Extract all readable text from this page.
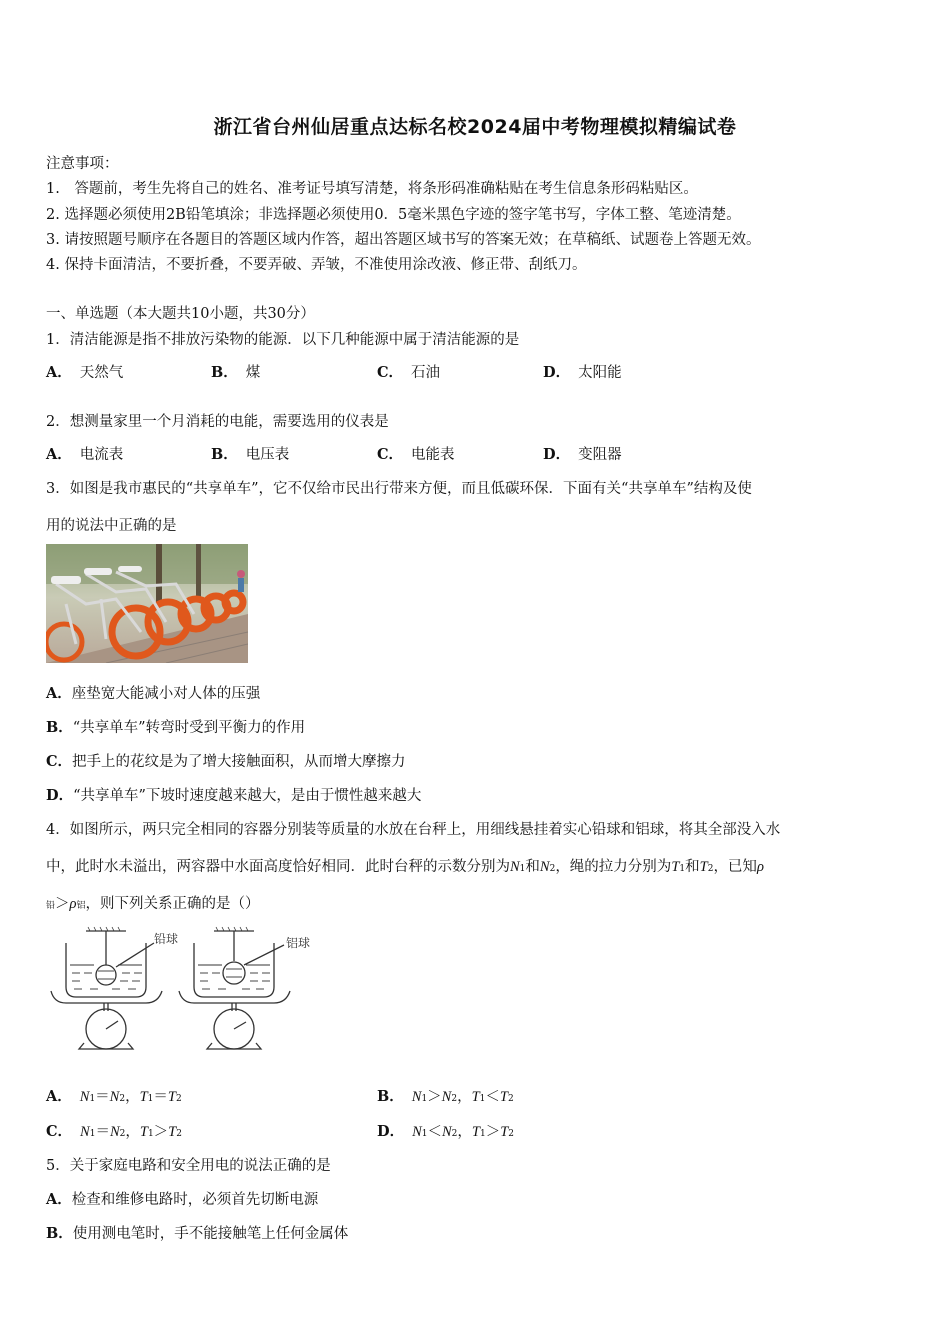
浙江省台州仙居重点达标名校2024届中考物理模拟精编试卷
注意事项：
1.　答题前，考生先将自己的姓名、准考证号填写清楚，将条形码准确粘贴在考生信息条形码粘贴区。
2. 选择题必须使用2B铅笔填涂；非选择题必须使用0．5毫米黑色字迹的签字笔书写，字体工整、笔迹清楚。
3. 请按照题号顺序在各题目的答题区域内作答，超出答题区域书写的答案无效；在草稿纸、试题卷上答题无效。
4. 保持卡面清洁，不要折叠，不要弄破、弄皱，不准使用涂改液、修正带、刮纸刀。
一、单选题（本大题共10小题，共30分）
1．清洁能源是指不排放污染物的能源．以下几种能源中属于清洁能源的是
A． 天然气	B． 煤	C． 石油	D． 太阳能
2．想测量家里一个月消耗的电能，需要选用的仪表是
A． 电流表	B． 电压表	C． 电能表	D． 变阻器
3．如图是我市惠民的“共享单车”，它不仅给市民出行带来方便，而且低碳环保．下面有关“共享单车”结构及使
用的说法中正确的是
A．座垫宽大能减小对人体的压强
B．“共享单车”转弯时受到平衡力的作用
C．把手上的花纹是为了增大接触面积，从而增大摩擦力
D．“共享单车”下坡时速度越来越大，是由于惯性越来越大
4．如图所示，两只完全相同的容器分别装等质量的水放在台秤上，用细线悬挂着实心铅球和铝球，将其全部没入水
中，此时水未溢出，两容器中水面高度恰好相同．此时台秤的示数分别为N1和N2，绳的拉力分别为T1和T2，已知ρ
铅＞ρ铝，则下列关系正确的是（）
铅球	铝球
A． N1＝N2，T1＝T2	B． N1＞N2，T1＜T2
C． N1＝N2，T1＞T2	D． N1＜N2，T1＞T2
5．关于家庭电路和安全用电的说法正确的是
A．检查和维修电路时，必须首先切断电源
B．使用测电笔时，手不能接触笔上任何金属体
